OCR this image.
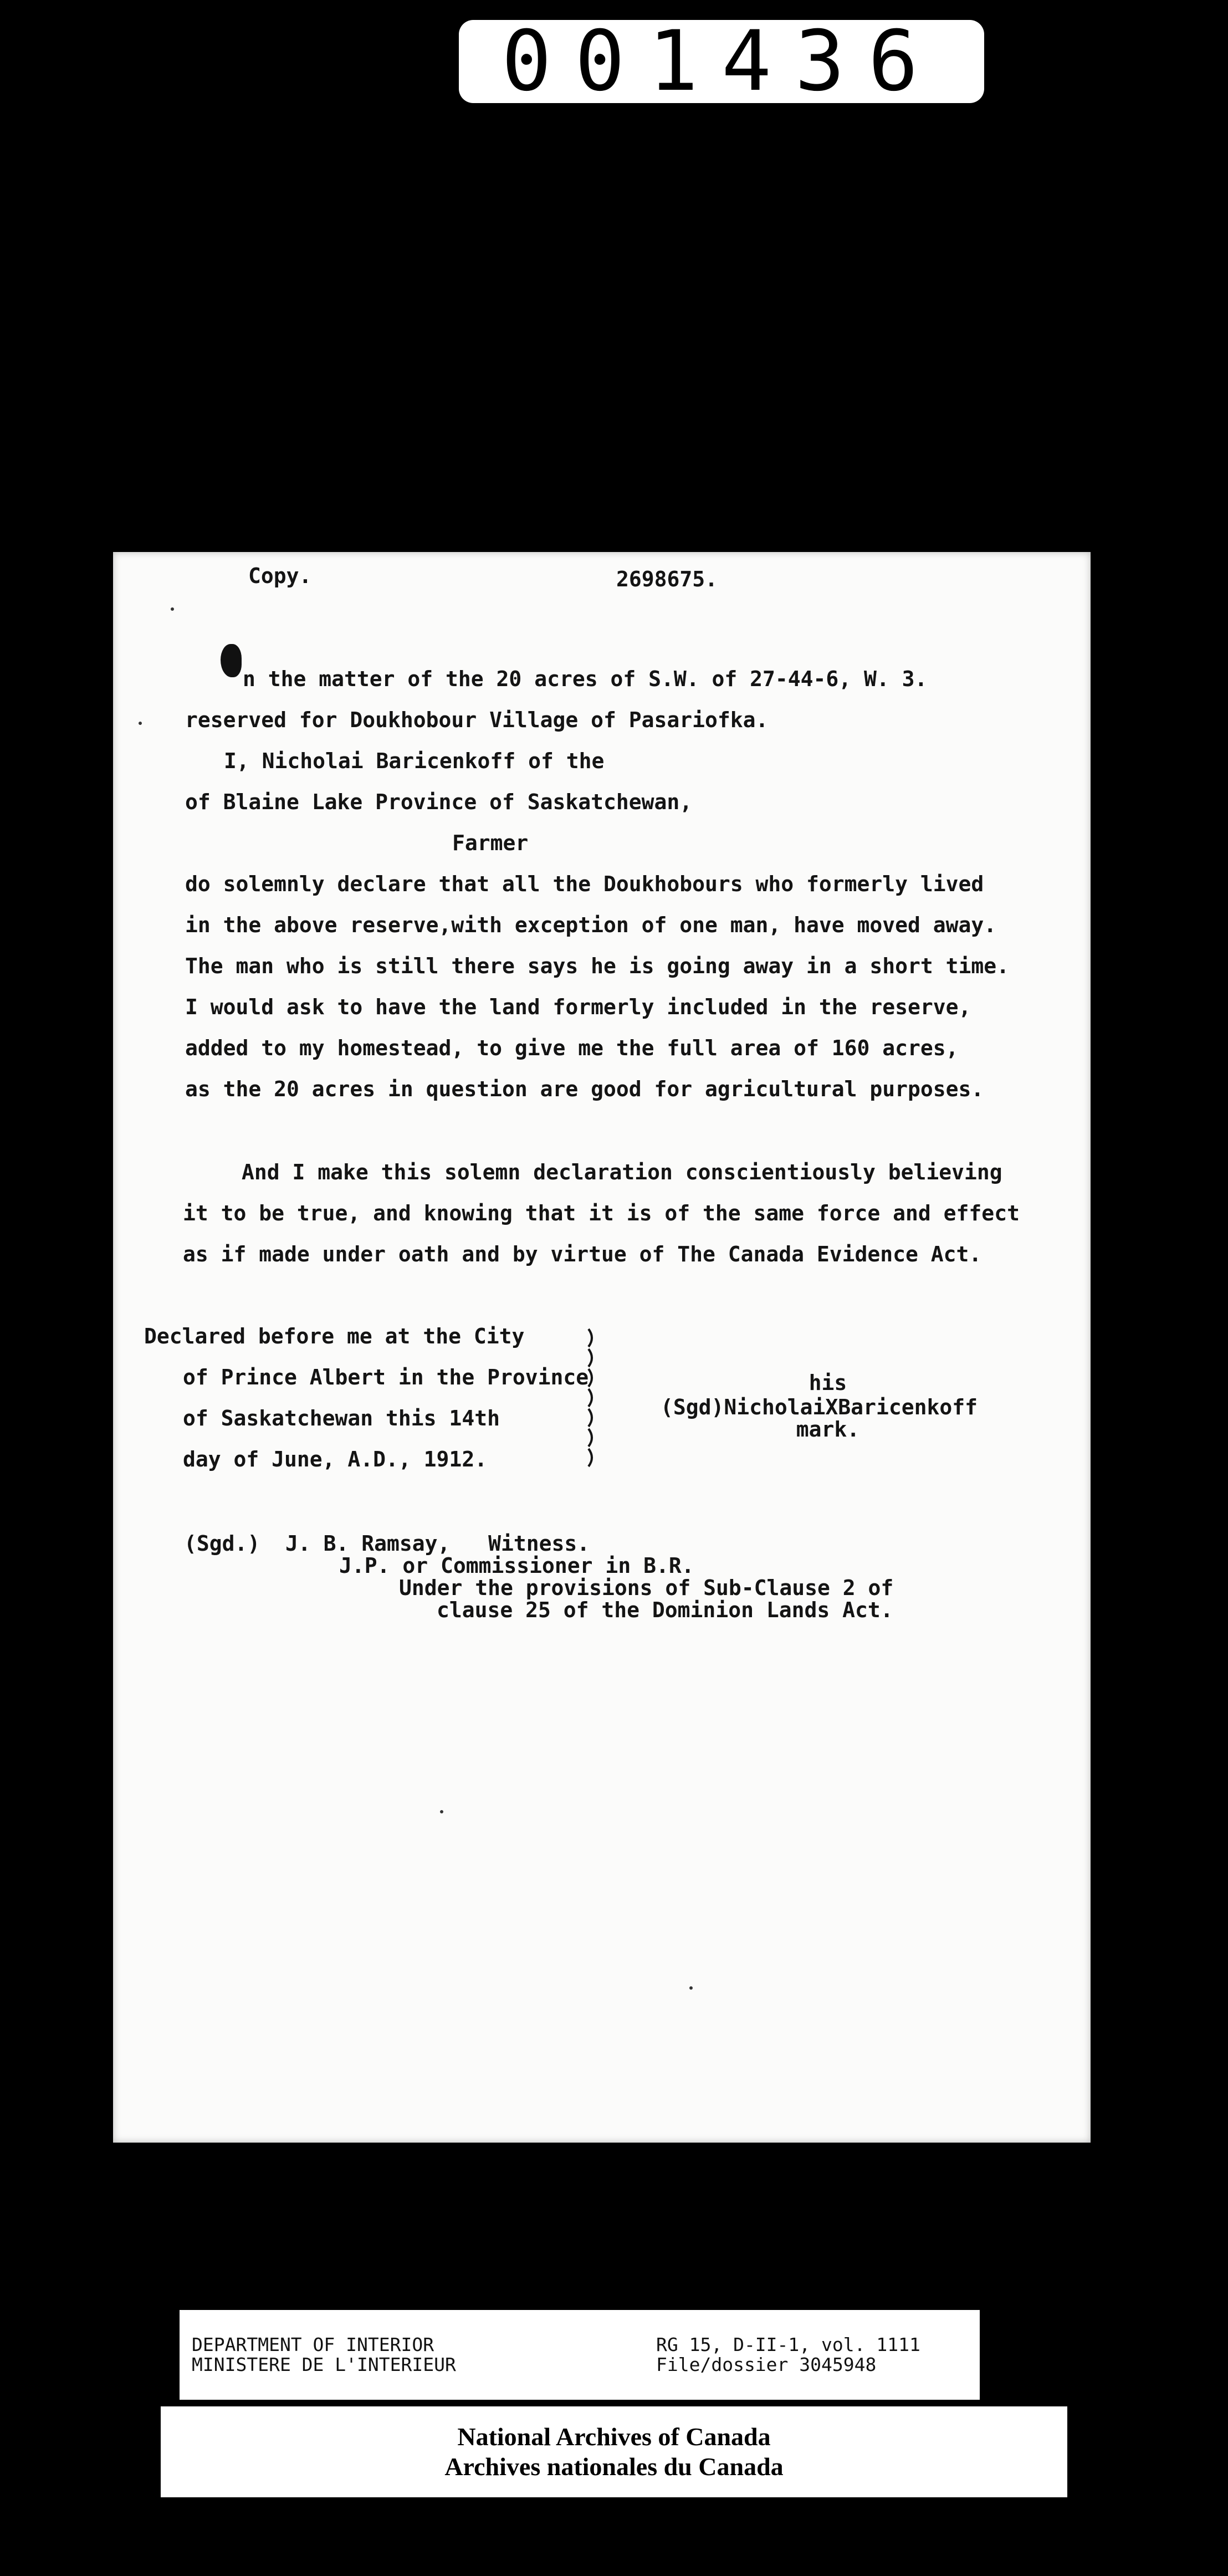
001436
Copy.	2698675.
n the matter of the 20 acres of S.W. of 27-44-6, W. 3.
reserved for Doukhobour Village of Pasariofka.
I, Nicholai Baricenkoff of the
of Blaine Lake Province of Saskatchewan,
Farmer
do solemnly declare that all the Doukhobours who formerly lived
in the above reserve,with exception of one man, have moved away.
The man who is still there says he is going away in a short time.
I would ask to have the land formerly included in the reserve,
added to my homestead, to give me the full area of 160 acres,
as the 20 acres in question are good for agricultural purposes.
And I make this solemn declaration conscientiously believing
it to be true, and knowing that it is of the same force and effect
as if made under oath and by virtue of The Canada Evidence Act.
Declared before me at the City
of Prince Albert in the Province
of Saskatchewan this 14th
day of June, A.D., 1912.
his
(Sgd)NicholaiXBaricenkoff
mark.
(Sgd.)  J. B. Ramsay,   Witness.
J.P. or Commissioner in B.R.
Under the provisions of Sub-Clause 2 of
clause 25 of the Dominion Lands Act.
DEPARTMENT OF INTERIOR
MINISTERE DE L'INTERIEUR
RG 15, D-II-1, vol. 1111
File/dossier 3045948
National Archives of Canada
Archives nationales du Canada
